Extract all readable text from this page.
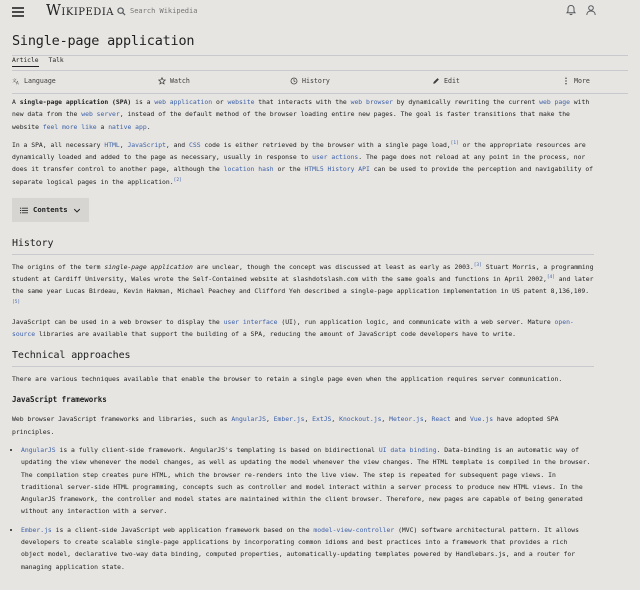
Wikipedia
Search Wikipedia
Single-page application
Article Talk
文 A Language	Watch	History	Edit	More

A single-page application (SPA) is a web application or website that interacts with the web browser by dynamically rewriting the current web page with new data from the web server, instead of the default method of the browser loading entire new pages. The goal is faster transitions that make the website feel more like a native app.

In a SPA, all necessary HTML, JavaScript, and CSS code is either retrieved by the browser with a single page load,[1] or the appropriate resources are dynamically loaded and added to the page as necessary, usually in response to user actions. The page does not reload at any point in the process, nor does it transfer control to another page, although the location hash or the HTML5 History API can be used to provide the perception and navigability of separate logical pages in the application.[2]

Contents
History

The origins of the term single-page application are unclear, though the concept was discussed at least as early as 2003.[3] Stuart Morris, a programming student at Cardiff University, Wales wrote the Self-Contained website at slashdotslash.com with the same goals and functions in April 2002,[4] and later the same year Lucas Birdeau, Kevin Hakman, Michael Peachey and Clifford Yeh described a single-page application implementation in US patent 8,136,109.[5]

JavaScript can be used in a web browser to display the user interface (UI), run application logic, and communicate with a web server. Mature open-source libraries are available that support the building of a SPA, reducing the amount of JavaScript code developers have to write.

Technical approaches

There are various techniques available that enable the browser to retain a single page even when the application requires server communication.

JavaScript frameworks

Web browser JavaScript frameworks and libraries, such as AngularJS, Ember.js, ExtJS, Knockout.js, Meteor.js, React and Vue.js have adopted SPA principles.

• AngularJS is a fully client-side framework. AngularJS's templating is based on bidirectional UI data binding. Data-binding is an automatic way of updating the view whenever the model changes, as well as updating the model whenever the view changes. The HTML template is compiled in the browser. The compilation step creates pure HTML, which the browser re-renders into the live view. The step is repeated for subsequent page views. In traditional server-side HTML programming, concepts such as controller and model interact within a server process to produce new HTML views. In the AngularJS framework, the controller and model states are maintained within the client browser. Therefore, new pages are capable of being generated without any interaction with a server.
• Ember.js is a client-side JavaScript web application framework based on the model-view-controller (MVC) software architectural pattern. It allows developers to create scalable single-page applications by incorporating common idioms and best practices into a framework that provides a rich object model, declarative two-way data binding, computed properties, automatically-updating templates powered by Handlebars.js, and a router for managing application state.
